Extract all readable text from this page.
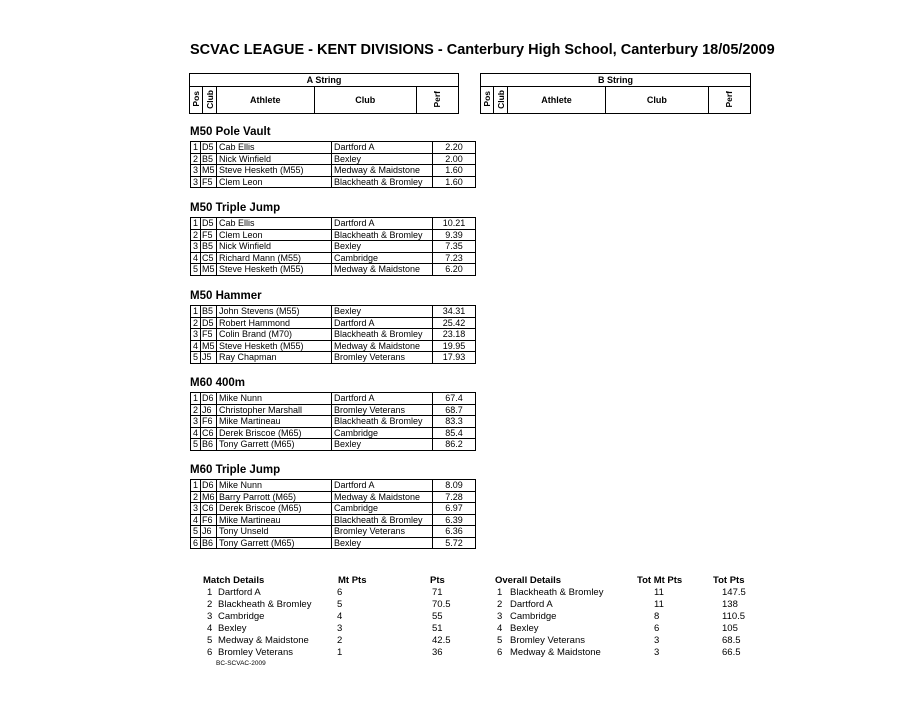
SCVAC LEAGUE - KENT DIVISIONS - Canterbury High School, Canterbury 18/05/2009
A String
Pos	Club	Athlete	Club	Perf
B String
Pos	Club	Athlete	Club	Perf
M50 Pole Vault
1	D5	Cab Ellis	Dartford A	2.20
2	B5	Nick Winfield	Bexley	2.00
3	M5	Steve Hesketh (M55)	Medway & Maidstone	1.60
3	F5	Clem Leon	Blackheath & Bromley	1.60
M50 Triple Jump
1	D5	Cab Ellis	Dartford A	10.21
2	F5	Clem Leon	Blackheath & Bromley	9.39
3	B5	Nick Winfield	Bexley	7.35
4	C5	Richard Mann (M55)	Cambridge	7.23
5	M5	Steve Hesketh (M55)	Medway & Maidstone	6.20
M50 Hammer
1	B5	John Stevens (M55)	Bexley	34.31
2	D5	Robert Hammond	Dartford A	25.42
3	F5	Colin Brand (M70)	Blackheath & Bromley	23.18
4	M5	Steve Hesketh (M55)	Medway & Maidstone	19.95
5	J5	Ray Chapman	Bromley Veterans	17.93
M60 400m
1	D6	Mike Nunn	Dartford A	67.4
2	J6	Christopher Marshall	Bromley Veterans	68.7
3	F6	Mike Martineau	Blackheath & Bromley	83.3
4	C6	Derek Briscoe (M65)	Cambridge	85.4
5	B6	Tony Garrett (M65)	Bexley	86.2
M60 Triple Jump
1	D6	Mike Nunn	Dartford A	8.09
2	M6	Barry Parrott (M65)	Medway & Maidstone	7.28
3	C6	Derek Briscoe (M65)	Cambridge	6.97
4	F6	Mike Martineau	Blackheath & Bromley	6.39
5	J6	Tony Unseld	Bromley Veterans	6.36
6	B6	Tony Garrett (M65)	Bexley	5.72
Match Details	Mt Pts	Pts
1 Dartford A	6	71
2 Blackheath & Bromley	5	70.5
3 Cambridge	4	55
4 Bexley	3	51
5 Medway & Maidstone	2	42.5
6 Bromley Veterans	1	36
Overall Details	Tot Mt Pts	Tot Pts
1 Blackheath & Bromley	11	147.5
2 Dartford A	11	138
3 Cambridge	8	110.5
4 Bexley	6	105
5 Bromley Veterans	3	68.5
6 Medway & Maidstone	3	66.5
BC-SCVAC-2009
